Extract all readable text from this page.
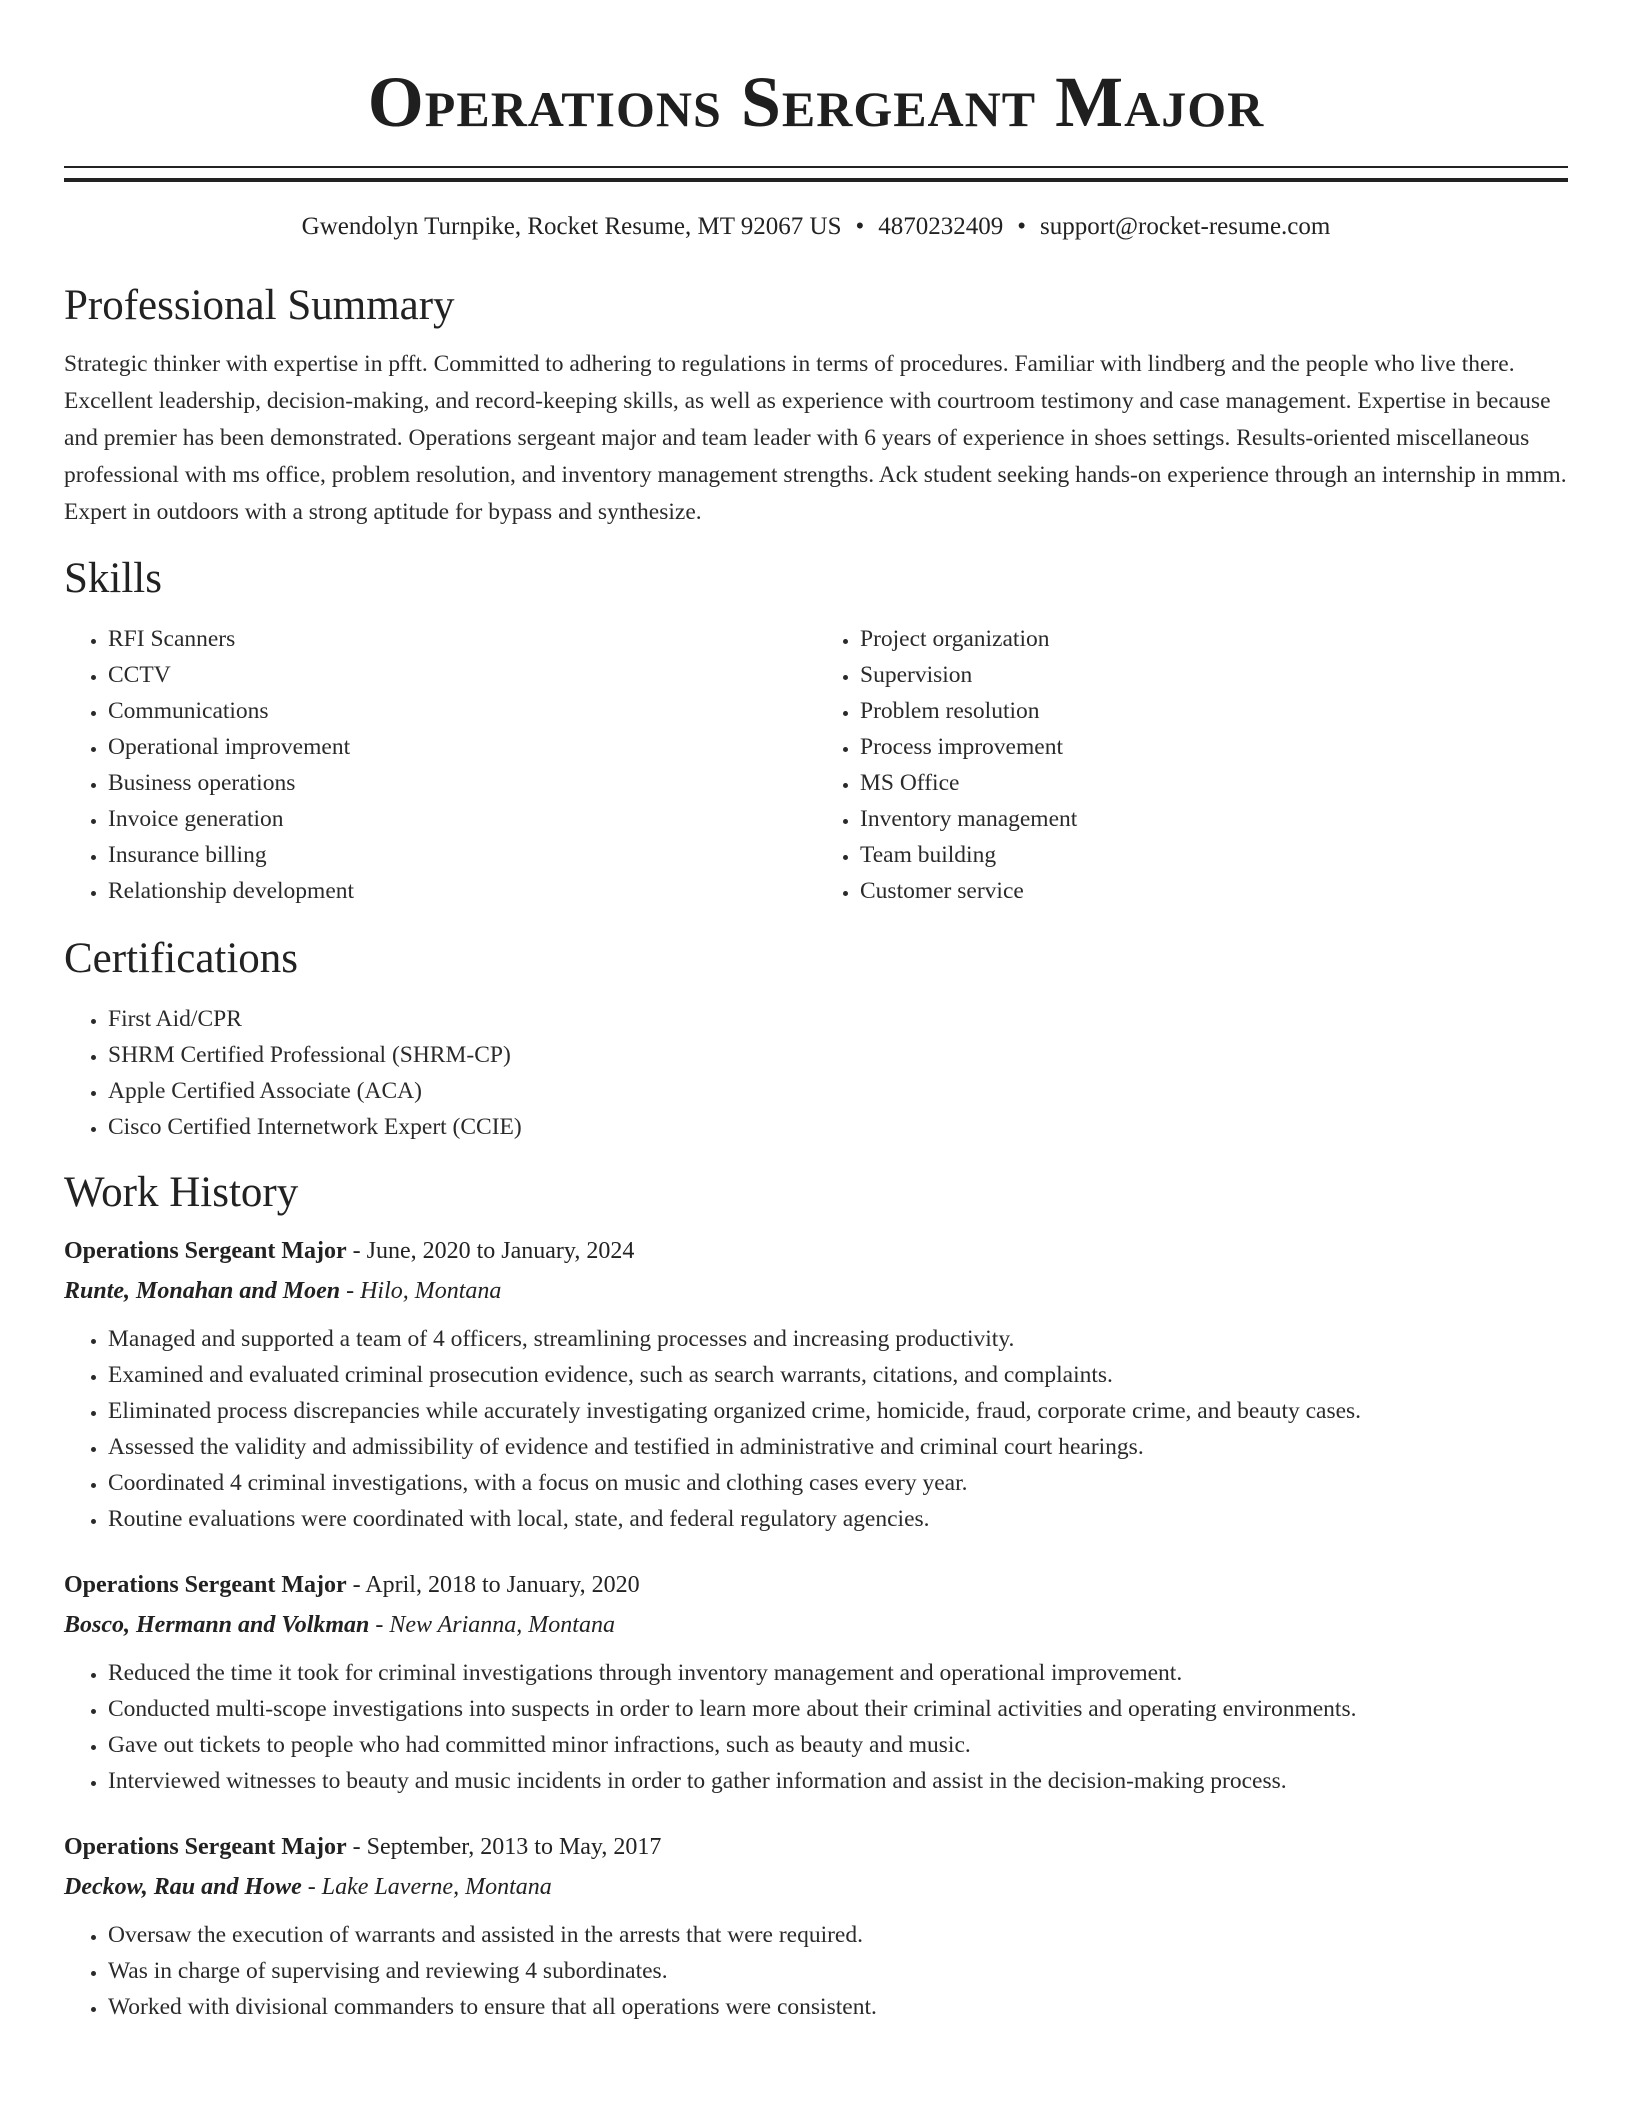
Operations Sergeant Major
Gwendolyn Turnpike, Rocket Resume, MT 92067 US • 4870232409 • support@rocket-resume.com
Professional Summary

Strategic thinker with expertise in pfft. Committed to adhering to regulations in terms of procedures. Familiar with lindberg and the people who live there. Excellent leadership, decision-making, and record-keeping skills, as well as experience with courtroom testimony and case management. Expertise in because and premier has been demonstrated. Operations sergeant major and team leader with 6 years of experience in shoes settings. Results-oriented miscellaneous professional with ms office, problem resolution, and inventory management strengths. Ack student seeking hands-on experience through an internship in mmm. Expert in outdoors with a strong aptitude for bypass and synthesize.

Skills
• RFI Scanners
• CCTV
• Communications
• Operational improvement
• Business operations
• Invoice generation
• Insurance billing
• Relationship development
• Project organization
• Supervision
• Problem resolution
• Process improvement
• MS Office
• Inventory management
• Team building
• Customer service
Certifications
• First Aid/CPR
• SHRM Certified Professional (SHRM-CP)
• Apple Certified Associate (ACA)
• Cisco Certified Internetwork Expert (CCIE)
Work History
Operations Sergeant Major - June, 2020 to January, 2024
Runte, Monahan and Moen - Hilo, Montana
• Managed and supported a team of 4 officers, streamlining processes and increasing productivity.
• Examined and evaluated criminal prosecution evidence, such as search warrants, citations, and complaints.
• Eliminated process discrepancies while accurately investigating organized crime, homicide, fraud, corporate crime, and beauty cases.
• Assessed the validity and admissibility of evidence and testified in administrative and criminal court hearings.
• Coordinated 4 criminal investigations, with a focus on music and clothing cases every year.
• Routine evaluations were coordinated with local, state, and federal regulatory agencies.
Operations Sergeant Major - April, 2018 to January, 2020
Bosco, Hermann and Volkman - New Arianna, Montana
• Reduced the time it took for criminal investigations through inventory management and operational improvement.
• Conducted multi-scope investigations into suspects in order to learn more about their criminal activities and operating environments.
• Gave out tickets to people who had committed minor infractions, such as beauty and music.
• Interviewed witnesses to beauty and music incidents in order to gather information and assist in the decision-making process.
Operations Sergeant Major - September, 2013 to May, 2017
Deckow, Rau and Howe - Lake Laverne, Montana
• Oversaw the execution of warrants and assisted in the arrests that were required.
• Was in charge of supervising and reviewing 4 subordinates.
• Worked with divisional commanders to ensure that all operations were consistent.
